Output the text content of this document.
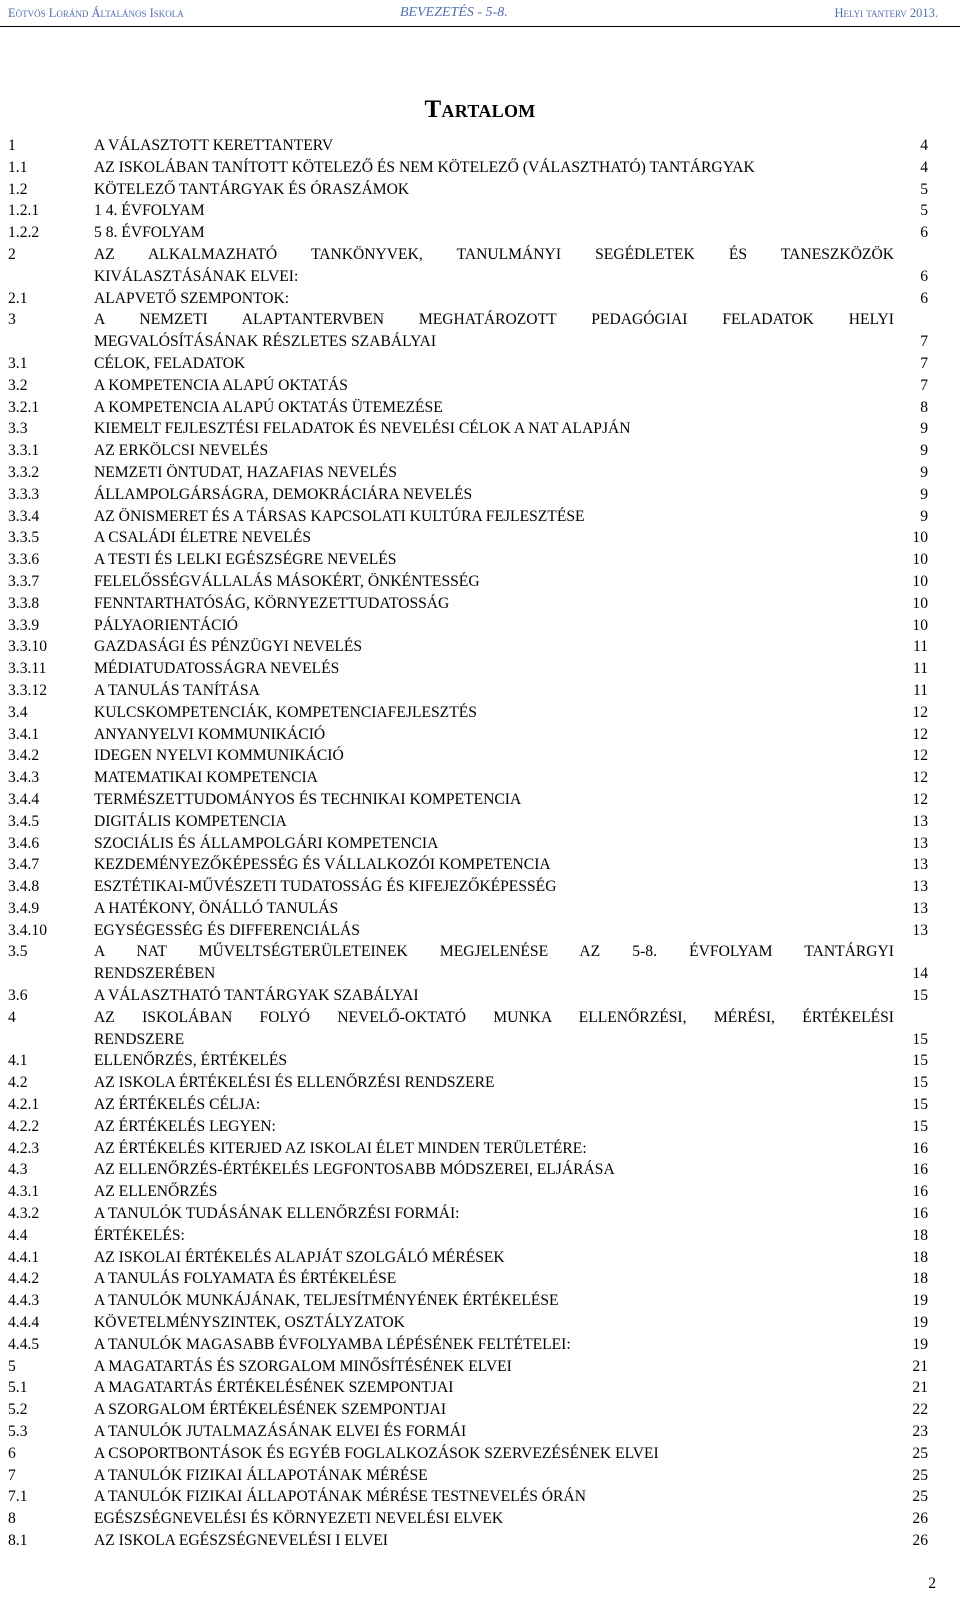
Eötvös Loránd Általános Iskola	BEVEZETÉS - 5-8.	Helyi tanterv 2013.
Tartalom
1	A VÁLASZTOTT KERETTANTERV	4
1.1	AZ ISKOLÁBAN TANÍTOTT KÖTELEZŐ ÉS NEM KÖTELEZŐ (VÁLASZTHATÓ) TANTÁRGYAK	4
1.2	KÖTELEZŐ TANTÁRGYAK ÉS ÓRASZÁMOK	5
1.2.1	1 4. ÉVFOLYAM	5
1.2.2	5 8. ÉVFOLYAM	6
2	AZ ALKALMAZHATÓ TANKÖNYVEK, TANULMÁNYI SEGÉDLETEK ÉS TANESZKÖZÖK
KIVÁLASZTÁSÁNAK ELVEI:	6
2.1	ALAPVETŐ SZEMPONTOK:	6
3	A NEMZETI ALAPTANTERVBEN MEGHATÁROZOTT PEDAGÓGIAI FELADATOK HELYI
MEGVALÓSÍTÁSÁNAK RÉSZLETES SZABÁLYAI	7
3.1	CÉLOK, FELADATOK	7
3.2	A KOMPETENCIA ALAPÚ OKTATÁS	7
3.2.1	A KOMPETENCIA ALAPÚ OKTATÁS ÜTEMEZÉSE	8
3.3	KIEMELT FEJLESZTÉSI FELADATOK ÉS NEVELÉSI CÉLOK A NAT ALAPJÁN	9
3.3.1	AZ ERKÖLCSI NEVELÉS	9
3.3.2	NEMZETI ÖNTUDAT, HAZAFIAS NEVELÉS	9
3.3.3	ÁLLAMPOLGÁRSÁGRA, DEMOKRÁCIÁRA NEVELÉS	9
3.3.4	AZ ÖNISMERET ÉS A TÁRSAS KAPCSOLATI KULTÚRA FEJLESZTÉSE	9
3.3.5	A CSALÁDI ÉLETRE NEVELÉS	10
3.3.6	A TESTI ÉS LELKI EGÉSZSÉGRE NEVELÉS	10
3.3.7	FELELŐSSÉGVÁLLALÁS MÁSOKÉRT, ÖNKÉNTESSÉG	10
3.3.8	FENNTARTHATÓSÁG, KÖRNYEZETTUDATOSSÁG	10
3.3.9	PÁLYAORIENTÁCIÓ	10
3.3.10	GAZDASÁGI ÉS PÉNZÜGYI NEVELÉS	11
3.3.11	MÉDIATUDATOSSÁGRA NEVELÉS	11
3.3.12	A TANULÁS TANÍTÁSA	11
3.4	KULCSKOMPETENCIÁK, KOMPETENCIAFEJLESZTÉS	12
3.4.1	ANYANYELVI KOMMUNIKÁCIÓ	12
3.4.2	IDEGEN NYELVI KOMMUNIKÁCIÓ	12
3.4.3	MATEMATIKAI KOMPETENCIA	12
3.4.4	TERMÉSZETTUDOMÁNYOS ÉS TECHNIKAI KOMPETENCIA	12
3.4.5	DIGITÁLIS KOMPETENCIA	13
3.4.6	SZOCIÁLIS ÉS ÁLLAMPOLGÁRI KOMPETENCIA	13
3.4.7	KEZDEMÉNYEZŐKÉPESSÉG ÉS VÁLLALKOZÓI KOMPETENCIA	13
3.4.8	ESZTÉTIKAI-MŰVÉSZETI TUDATOSSÁG ÉS KIFEJEZŐKÉPESSÉG	13
3.4.9	A HATÉKONY, ÖNÁLLÓ TANULÁS	13
3.4.10	EGYSÉGESSÉG ÉS DIFFERENCIÁLÁS	13
3.5	A NAT MŰVELTSÉGTERÜLETEINEK MEGJELENÉSE AZ 5-8. ÉVFOLYAM TANTÁRGYI
RENDSZERÉBEN	14
3.6	A VÁLASZTHATÓ TANTÁRGYAK SZABÁLYAI	15
4	AZ ISKOLÁBAN FOLYÓ NEVELŐ-OKTATÓ MUNKA ELLENŐRZÉSI, MÉRÉSI, ÉRTÉKELÉSI
RENDSZERE	15
4.1	ELLENŐRZÉS, ÉRTÉKELÉS	15
4.2	AZ ISKOLA ÉRTÉKELÉSI ÉS ELLENŐRZÉSI RENDSZERE	15
4.2.1	AZ ÉRTÉKELÉS CÉLJA:	15
4.2.2	AZ ÉRTÉKELÉS LEGYEN:	15
4.2.3	AZ ÉRTÉKELÉS KITERJED AZ ISKOLAI ÉLET MINDEN TERÜLETÉRE:	16
4.3	AZ ELLENŐRZÉS-ÉRTÉKELÉS LEGFONTOSABB MÓDSZEREI, ELJÁRÁSA	16
4.3.1	AZ ELLENŐRZÉS	16
4.3.2	A TANULÓK TUDÁSÁNAK ELLENŐRZÉSI FORMÁI:	16
4.4	ÉRTÉKELÉS:	18
4.4.1	AZ ISKOLAI ÉRTÉKELÉS ALAPJÁT SZOLGÁLÓ MÉRÉSEK	18
4.4.2	A TANULÁS FOLYAMATA ÉS ÉRTÉKELÉSE	18
4.4.3	A TANULÓK MUNKÁJÁNAK, TELJESÍTMÉNYÉNEK ÉRTÉKELÉSE	19
4.4.4	KÖVETELMÉNYSZINTEK, OSZTÁLYZATOK	19
4.4.5	A TANULÓK MAGASABB ÉVFOLYAMBA LÉPÉSÉNEK FELTÉTELEI:	19
5	A MAGATARTÁS ÉS SZORGALOM MINŐSÍTÉSÉNEK ELVEI	21
5.1	A MAGATARTÁS ÉRTÉKELÉSÉNEK SZEMPONTJAI	21
5.2	A SZORGALOM ÉRTÉKELÉSÉNEK SZEMPONTJAI	22
5.3	A TANULÓK JUTALMAZÁSÁNAK ELVEI ÉS FORMÁI	23
6	A CSOPORTBONTÁSOK ÉS EGYÉB FOGLALKOZÁSOK SZERVEZÉSÉNEK ELVEI	25
7	A TANULÓK FIZIKAI ÁLLAPOTÁNAK MÉRÉSE	25
7.1	A TANULÓK FIZIKAI ÁLLAPOTÁNAK MÉRÉSE TESTNEVELÉS ÓRÁN	25
8	EGÉSZSÉGNEVELÉSI ÉS KÖRNYEZETI NEVELÉSI ELVEK	26
8.1	AZ ISKOLA EGÉSZSÉGNEVELÉSI I ELVEI	26
2
